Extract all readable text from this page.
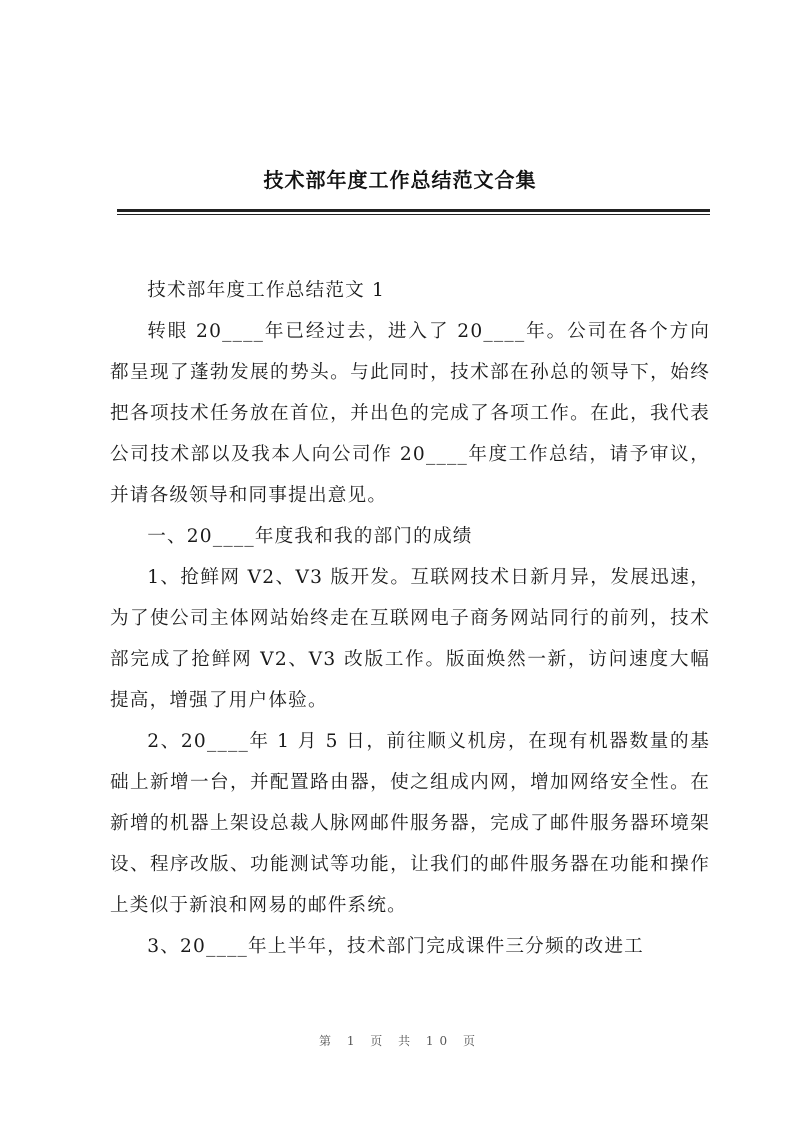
技术部年度工作总结范文合集

技术部年度工作总结范文 1

转眼 20____年已经过去，进入了 20____年。公司在各个方向都呈现了蓬勃发展的势头。与此同时，技术部在孙总的领导下，始终把各项技术任务放在首位，并出色的完成了各项工作。在此，我代表公司技术部以及我本人向公司作 20____年度工作总结，请予审议，并请各级领导和同事提出意见。

一、20____年度我和我的部门的成绩

1、抢鲜网 V2、V3 版开发。互联网技术日新月异，发展迅速，为了使公司主体网站始终走在互联网电子商务网站同行的前列，技术部完成了抢鲜网 V2、V3 改版工作。版面焕然一新，访问速度大幅提高，增强了用户体验。

2、20____年 1 月 5 日，前往顺义机房，在现有机器数量的基础上新增一台，并配置路由器，使之组成内网，增加网络安全性。在新增的机器上架设总裁人脉网邮件服务器，完成了邮件服务器环境架设、程序改版、功能测试等功能，让我们的邮件服务器在功能和操作上类似于新浪和网易的邮件系统。

3、20____年上半年，技术部门完成课件三分频的改进工

第 1 页 共 10 页
